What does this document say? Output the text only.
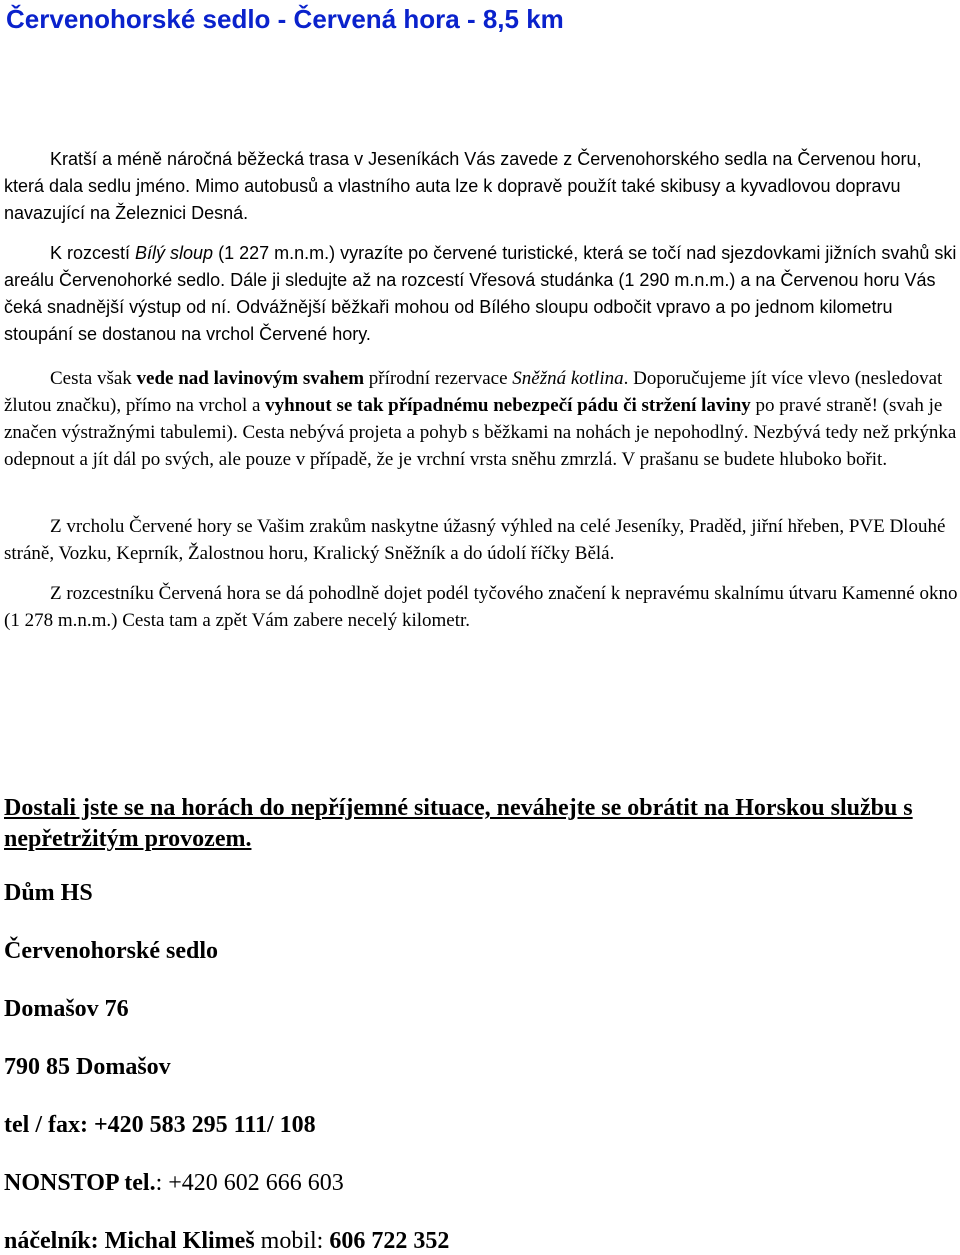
Červenohorské sedlo - Červená hora - 8,5 km

Kratší a méně náročná běžecká trasa v Jeseníkách Vás zavede z Červenohorského sedla na Červenou horu, která dala sedlu jméno. Mimo autobusů a vlastního auta lze k dopravě použít také skibusy a kyvadlovou dopravu navazující na Železnici Desná.

K rozcestí Bílý sloup (1 227 m.n.m.) vyrazíte po červené turistické, která se točí nad sjezdovkami jižních svahů ski areálu Červenohorké sedlo. Dále ji sledujte až na rozcestí Vřesová studánka (1 290 m.n.m.) a na Červenou horu Vás čeká snadnější výstup od ní. Odvážnější běžkaři mohou od Bílého sloupu odbočit vpravo a po jednom kilometru stoupání se dostanou na vrchol Červené hory.

Cesta však vede nad lavinovým svahem přírodní rezervace Sněžná kotlina. Doporučujeme jít více vlevo (nesledovat žlutou značku), přímo na vrchol a vyhnout se tak případnému nebezpečí pádu či stržení laviny po pravé straně! (svah je značen výstražnými tabulemi). Cesta nebývá projeta a pohyb s běžkami na nohách je nepohodlný. Nezbývá tedy než prkýnka odepnout a jít dál po svých, ale pouze v případě, že je vrchní vrsta sněhu zmrzlá. V prašanu se budete hluboko bořit.

Z vrcholu Červené hory se Vašim zrakům naskytne úžasný výhled na celé Jeseníky, Praděd, jiřní hřeben, PVE Dlouhé stráně, Vozku, Keprník, Žalostnou horu, Kralický Sněžník a do údolí říčky Bělá.

Z rozcestníku Červená hora se dá pohodlně dojet podél tyčového značení k nepravému skalnímu útvaru Kamenné okno (1 278 m.n.m.) Cesta tam a zpět Vám zabere necelý kilometr.

Dostali jste se na horách do nepříjemné situace, neváhejte se obrátit na Horskou službu s nepřetržitým provozem.

Dům HS

Červenohorské sedlo

Domašov 76

790 85 Domašov

tel / fax: +420 583 295 111/ 108

NONSTOP tel.: +420 602 666 603

náčelník: Michal Klimeš mobil: 606 722 352
